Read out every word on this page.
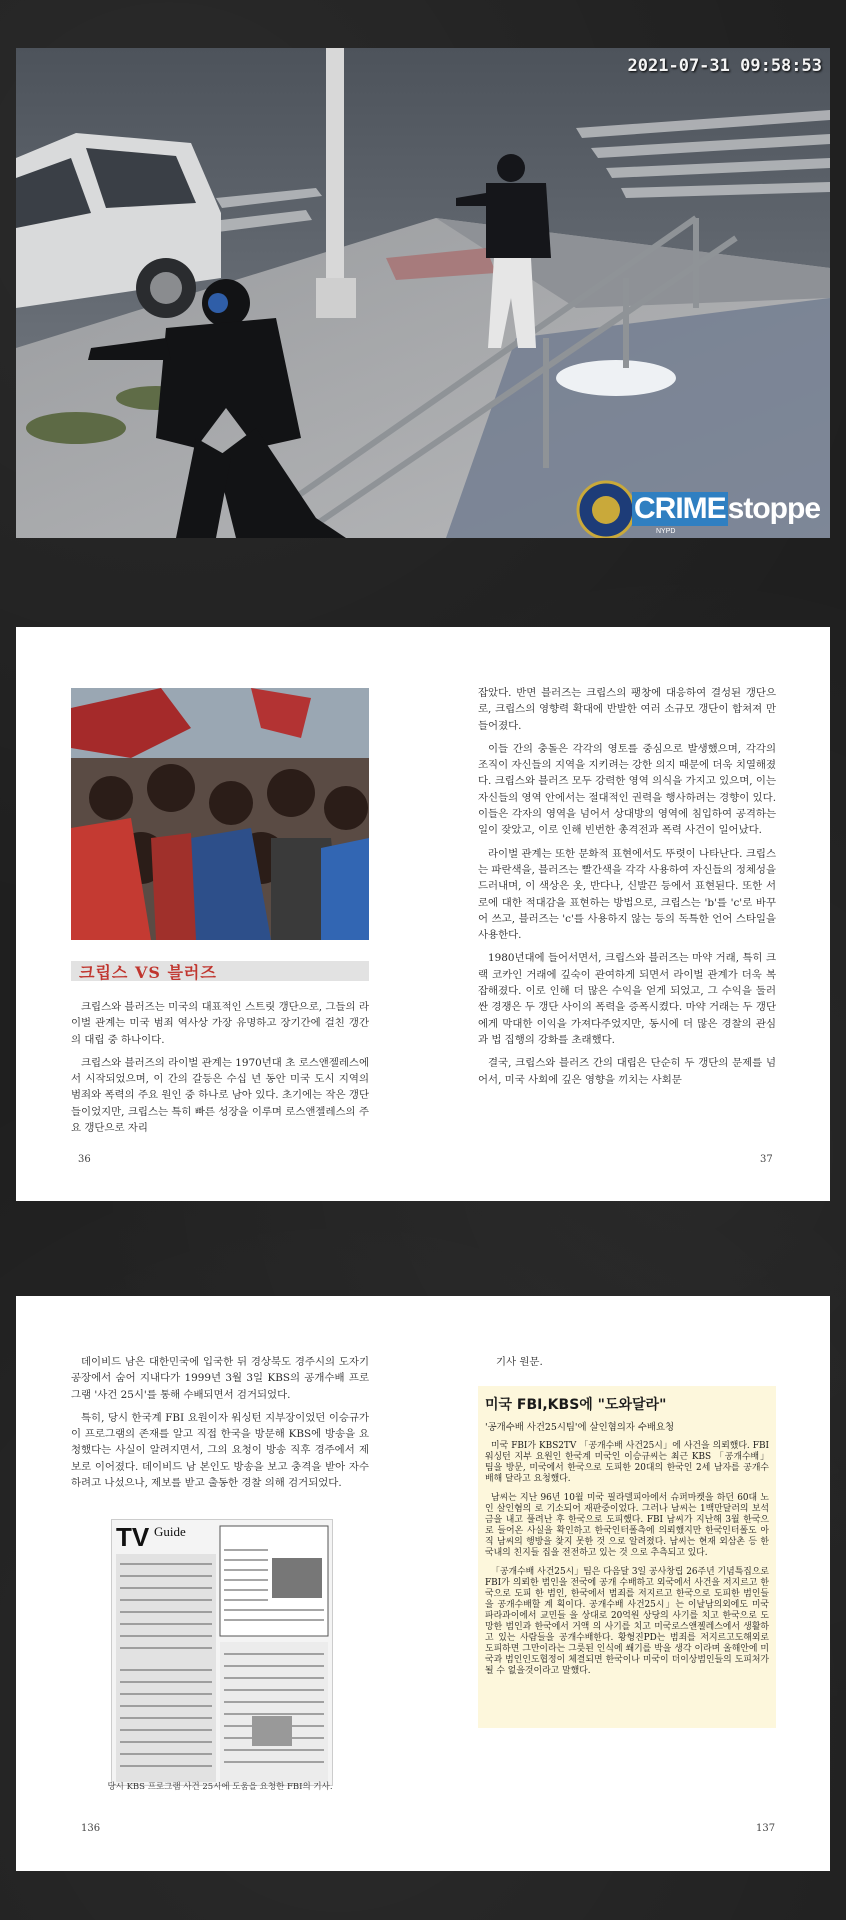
2021-07-31 09:58:53
NYPD
CRIME stoppe
크립스 VS 블러즈

크립스와 블러즈는 미국의 대표적인 스트릿 갱단으로, 그들의 라이벌 관계는 미국 범죄 역사상 가장 유명하고 장기간에 걸친 갱간의 대립 중 하나이다.

크립스와 블러즈의 라이벌 관계는 1970년대 초 로스앤젤레스에서 시작되었으며, 이 간의 갈등은 수십 년 동안 미국 도시 지역의 범죄와 폭력의 주요 원인 중 하나로 남아 있다. 초기에는 작은 갱단들이었지만, 크립스는 특히 빠른 성장을 이루며 로스앤젤레스의 주요 갱단으로 자리

36

잡았다. 반면 블러즈는 크립스의 팽창에 대응하여 결성된 갱단으로, 크립스의 영향력 확대에 반발한 여러 소규모 갱단이 합쳐져 만들어졌다.

이들 간의 충돌은 각각의 영토를 중심으로 발생했으며, 각각의 조직이 자신들의 지역을 지키려는 강한 의지 때문에 더욱 치열해졌다. 크립스와 블러즈 모두 강력한 영역 의식을 가지고 있으며, 이는 자신들의 영역 안에서는 절대적인 권력을 행사하려는 경향이 있다. 이들은 각자의 영역을 넘어서 상대방의 영역에 침입하여 공격하는 일이 잦았고, 이로 인해 빈번한 총격전과 폭력 사건이 일어났다.

라이벌 관계는 또한 문화적 표현에서도 뚜렷이 나타난다. 크립스는 파란색을, 블러즈는 빨간색을 각각 사용하여 자신들의 정체성을 드러내며, 이 색상은 옷, 반다나, 신발끈 등에서 표현된다. 또한 서로에 대한 적대감을 표현하는 방법으로, 크립스는 'b'를 'c'로 바꾸어 쓰고, 블러즈는 'c'를 사용하지 않는 등의 독특한 언어 스타일을 사용한다.

1980년대에 들어서면서, 크립스와 블러즈는 마약 거래, 특히 크랙 코카인 거래에 깊숙이 관여하게 되면서 라이벌 관계가 더욱 복잡해졌다. 이로 인해 더 많은 수익을 얻게 되었고, 그 수익을 둘러싼 경쟁은 두 갱단 사이의 폭력을 증폭시켰다. 마약 거래는 두 갱단에게 막대한 이익을 가져다주었지만, 동시에 더 많은 경찰의 관심과 법 집행의 강화를 초래했다.

결국, 크립스와 블러즈 간의 대립은 단순히 두 갱단의 문제를 넘어서, 미국 사회에 깊은 영향을 끼치는 사회문

37

데이비드 남은 대한민국에 입국한 뒤 경상북도 경주시의 도자기 공장에서 숨어 지내다가 1999년 3월 3일 KBS의 공개수배 프로그램 '사건 25시'를 통해 수배되면서 검거되었다.

특히, 당시 한국계 FBI 요원이자 워싱턴 지부장이었던 이승규가 이 프로그램의 존재를 알고 직접 한국을 방문해 KBS에 방송을 요청했다는 사실이 알려지면서, 그의 요청이 방송 직후 경주에서 제보로 이어졌다. 데이비드 남 본인도 방송을 보고 충격을 받아 자수하려고 나섰으나, 제보를 받고 출동한 경찰 의해 검거되었다.

TV Guide
당시 KBS 프로그램 사건 25시에 도움을 요청한 FBI의 기사.
136

기사 원문.

미국 FBI,KBS에 "도와달라"
'공개수배 사건25시팀'에 살인혐의자 수배요청

미국 FBI가 KBS2TV 「공개수배 사건25시」에 사건을 의뢰했다. FBI 워싱턴 지부 요원인 한국계 미국인 이승규씨는 최근 KBS 「공개수배」 팀을 방문, 미국에서 한국으로 도피한 20대의 한국인 2세 남자를 공개수배해 달라고 요청했다.

남씨는 지난 96년 10월 미국 필라델피아에서 슈퍼마켓을 하던 60대 노인 살인혐의 로 기소되어 재판중이었다. 그러나 남씨는 1백만달러의 보석금을 내고 풀려난 후 한국으로 도피했다. FBI 남씨가 지난해 3월 한국으로 들어온 사실을 확인하고 한국인터폴측에 의뢰했지만 한국인터폴도 아직 남씨의 행방을 찾지 못한 것 으로 알려졌다. 남씨는 현재 외삼촌 등 한국내의 친지들 집을 전전하고 있는 것 으로 추측되고 있다.

「공개수배 사건25시」팀은 다음달 3일 공사창립 26주년 기념특집으로 FBI가 의뢰한 범인을 전국에 공개 수배하고 외국에서 사건을 저지르고 한국으로 도피 한 범인, 한국에서 범죄를 저지르고 한국으로 도피한 범인들을 공개수배할 계 획이다. 공개수배 사건25시」는 이날남의외에도 미국 파라과이에서 교민들 을 상대로 20억원 상당의 사기를 치고 한국으로 도망한 범인과 한국에서 거액 의 사기를 치고 미국로스앤젤레스에서 생활하고 있는 사람들을 공개수배한다. 황형진PD는 범죄를 저지르고도해외로 도피하면 그만이라는 그릇된 인식에 쐐기를 박을 생각 이라며 올해안에 미국과 범인인도협정이 체결되면 한국이나 미국이 더이상범인들의 도피처가 될 수 없을것이라고 말했다.

137
